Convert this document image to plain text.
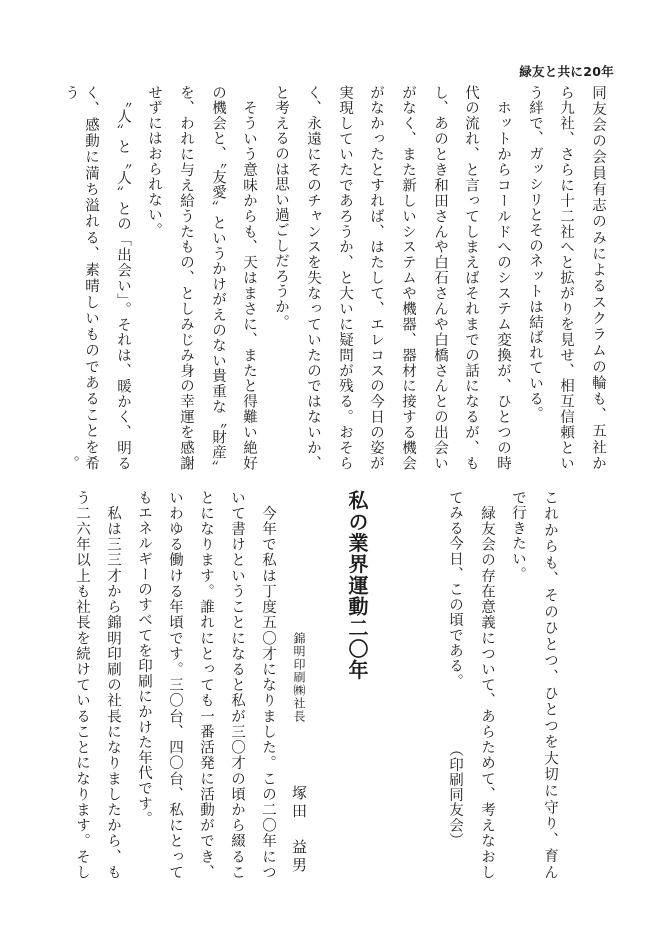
緑友と共に20年
同友会の会員有志のみによるスクラムの輪も、五社か
ら九社、さらに十二社へと拡がりを見せ、相互信頼とい
う絆で、ガッシリとそのネットは結ばれている。
　ホットからコールドへのシステム変換が、ひとつの時
代の流れ、と言ってしまえばそれまでの話になるが、も
し、あのとき和田さんや白石さんや白橋さんとの出会い
がなく、また新しいシステムや機器、器材に接する機会
がなかったとすれば、はたして、エレコスの今日の姿が
実現していたであろうか、と大いに疑問が残る。おそら
く、永遠にそのチャンスを失なっていたのではないか、
と考えるのは思い過ごしだろうか。
　そういう意味からも、天はまさに、またと得難い絶好
の機会と、〝友愛〟というかけがえのない貴重な〝財産〟
を、われに与え給うたもの、としみじみ身の幸運を感謝
せずにはおられない。
　〝人〟と〝人〟との「出会い」。それは、暖かく、明る
く、感動に満ち溢れる、素晴しいものであることを希う。
これからも、そのひとつ、ひとつを大切に守り、育ん
で行きたい。
　緑友会の存在意義について、あらためて、考えなおし
てみる今日、この頃である。
（印刷同友会）
私の業界運動二〇年
錦明印刷㈱社長
塚田　益男
　今年で私は丁度五〇才になりました。この二〇年につ
いて書けということになると私が三〇才の頃から綴るこ
とになります。誰れにとっても一番活発に活動ができ、
いわゆる働ける年頃です。三〇台、四〇台、私にとって
もエネルギーのすべてを印刷にかけた年代です。
　私は三三才から錦明印刷の社長になりましたから、も
う二六年以上も社長を続けていることになります。そし
